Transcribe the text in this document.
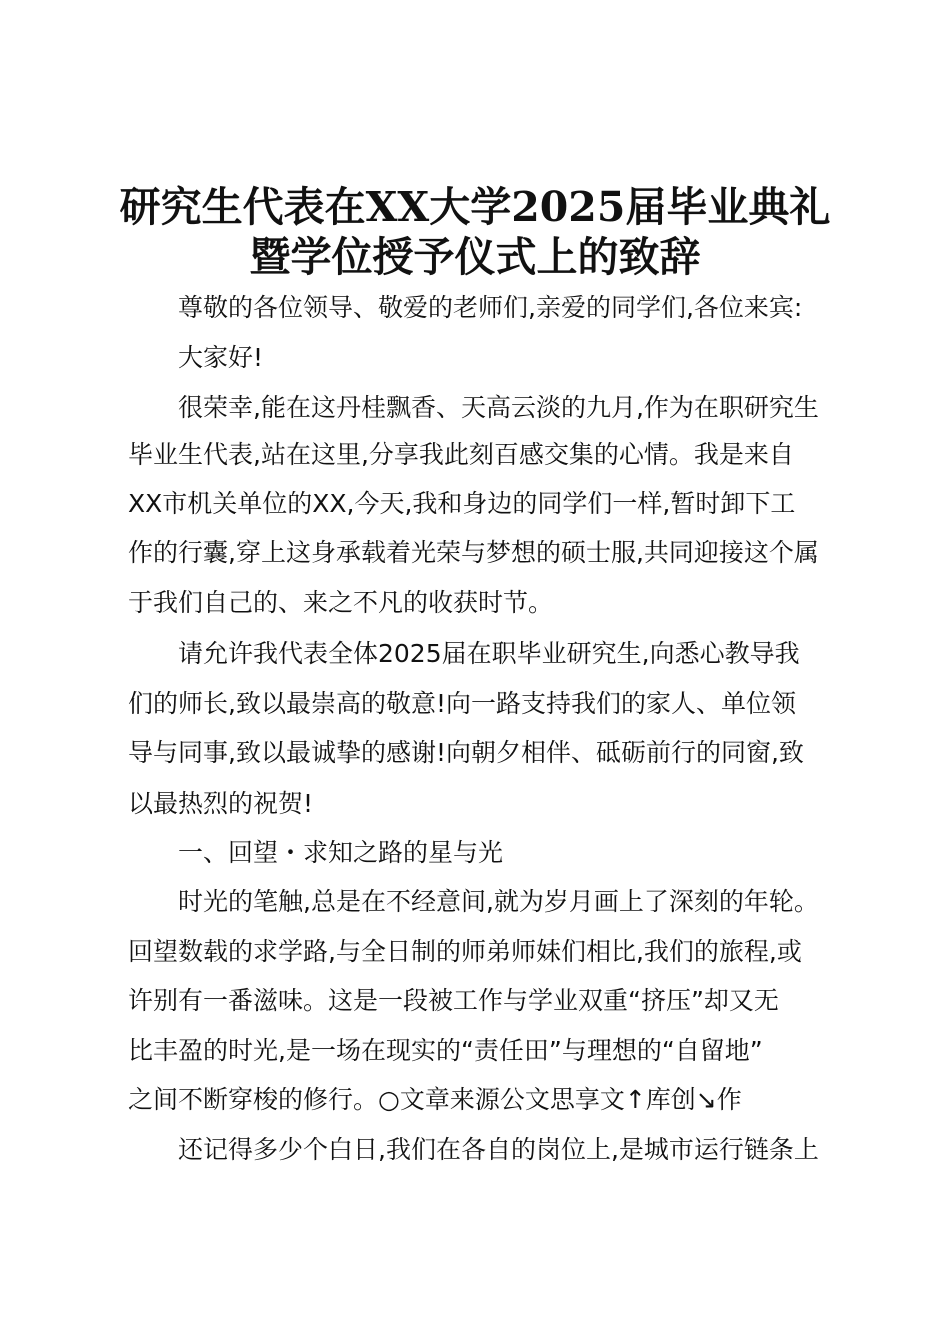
研究生代表在XX大学2025届毕业典礼
暨学位授予仪式上的致辞

尊敬的各位领导、敬爱的老师们,亲爱的同学们,各位来宾:

大家好!

很荣幸,能在这丹桂飘香、天高云淡的九月,作为在职研究生

毕业生代表,站在这里,分享我此刻百感交集的心情。我是来自

XX市机关单位的XX,今天,我和身边的同学们一样,暂时卸下工

作的行囊,穿上这身承载着光荣与梦想的硕士服,共同迎接这个属

于我们自己的、来之不凡的收获时节。

请允许我代表全体2025届在职毕业研究生,向悉心教导我

们的师长,致以最崇高的敬意!向一路支持我们的家人、单位领

导与同事,致以最诚挚的感谢!向朝夕相伴、砥砺前行的同窗,致

以最热烈的祝贺!

一、回望・求知之路的星与光

时光的笔触,总是在不经意间,就为岁月画上了深刻的年轮。

回望数载的求学路,与全日制的师弟师妹们相比,我们的旅程,或

许别有一番滋味。这是一段被工作与学业双重“挤压”却又无

比丰盈的时光,是一场在现实的“责任田”与理想的“自留地”

之间不断穿梭的修行。○文章来源公文思享文↑库创↘作

还记得多少个白日,我们在各自的岗位上,是城市运行链条上
